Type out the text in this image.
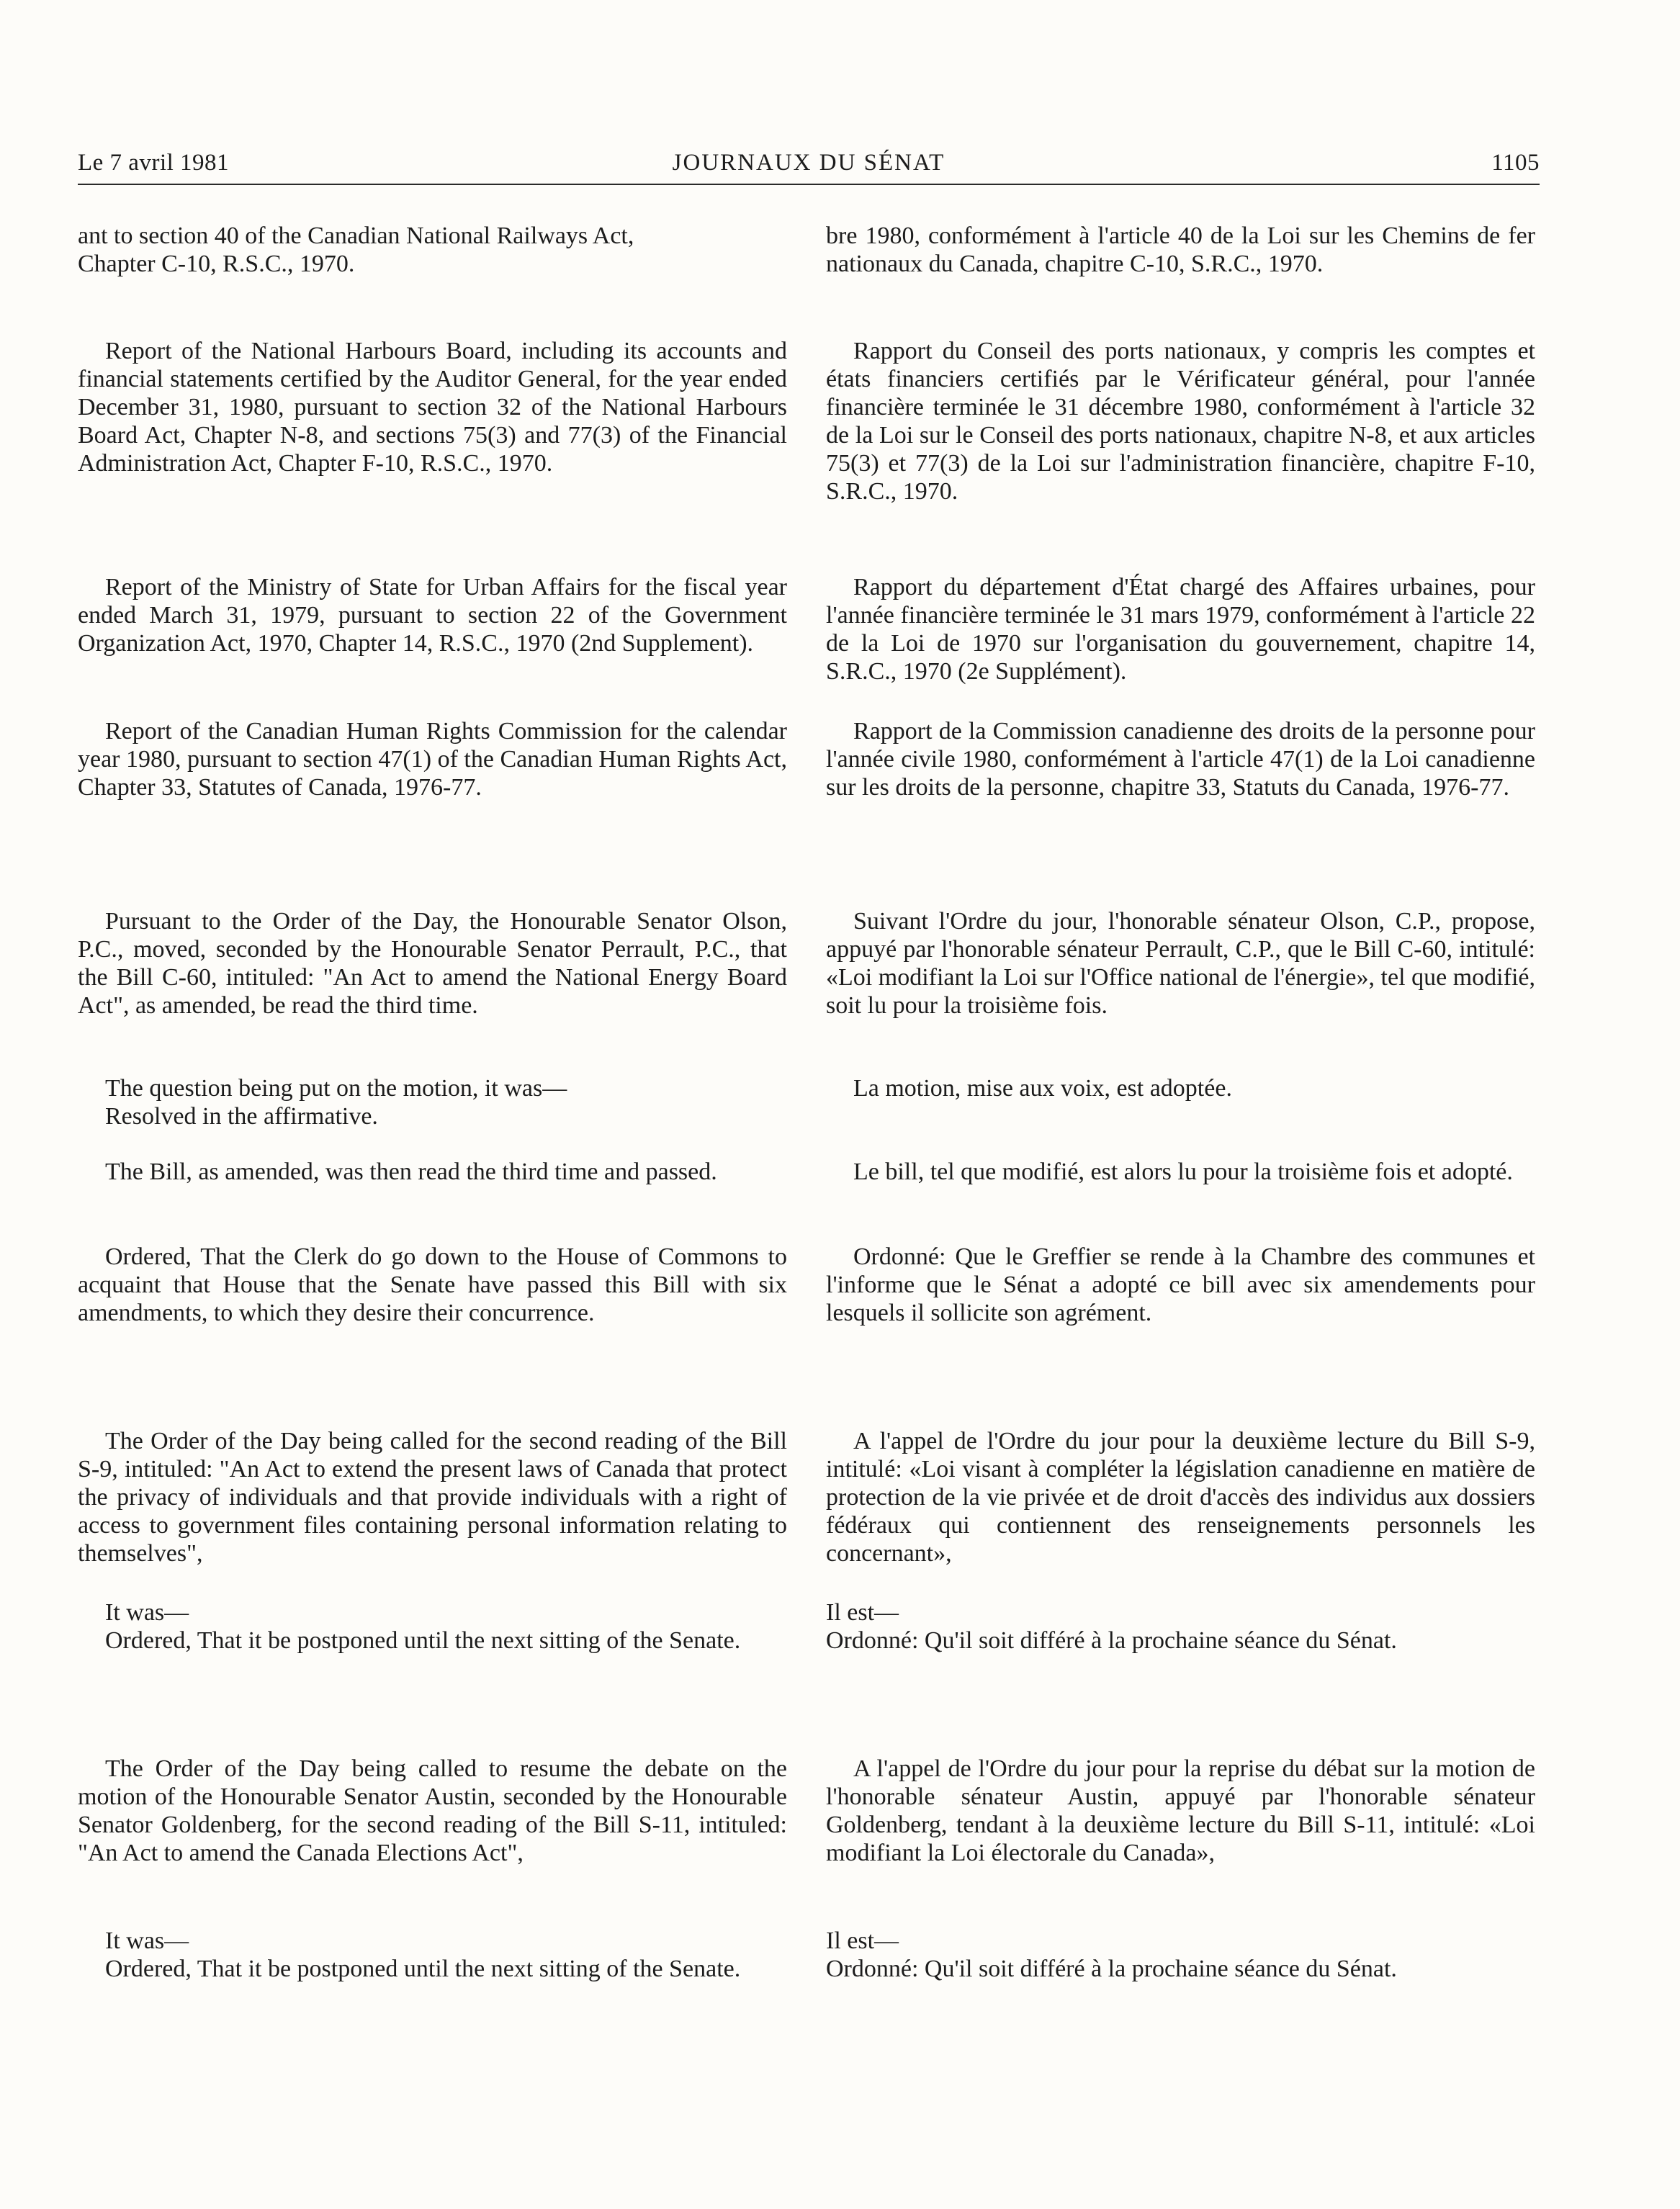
Le 7 avril 1981	JOURNAUX DU SÉNAT	1105
ant to section 40 of the Canadian National Railways Act,
Chapter C-10, R.S.C., 1970.
Report of the National Harbours Board, including its accounts and financial statements certified by the Auditor General, for the year ended December 31, 1980, pursuant to section 32 of the National Harbours Board Act, Chapter N-8, and sections 75(3) and 77(3) of the Financial Administration Act, Chapter F-10, R.S.C., 1970.
Report of the Ministry of State for Urban Affairs for the fiscal year ended March 31, 1979, pursuant to section 22 of the Government Organization Act, 1970, Chapter 14, R.S.C., 1970 (2nd Supplement).
Report of the Canadian Human Rights Commission for the calendar year 1980, pursuant to section 47(1) of the Canadian Human Rights Act, Chapter 33, Statutes of Canada, 1976-77.
Pursuant to the Order of the Day, the Honourable Senator Olson, P.C., moved, seconded by the Honourable Senator Perrault, P.C., that the Bill C-60, intituled: "An Act to amend the National Energy Board Act", as amended, be read the third time.
The question being put on the motion, it was—
Resolved in the affirmative.
The Bill, as amended, was then read the third time and passed.
Ordered, That the Clerk do go down to the House of Commons to acquaint that House that the Senate have passed this Bill with six amendments, to which they desire their concurrence.
The Order of the Day being called for the second reading of the Bill S-9, intituled: "An Act to extend the present laws of Canada that protect the privacy of individuals and that provide individuals with a right of access to government files containing personal information relating to themselves",
It was—
Ordered, That it be postponed until the next sitting of the Senate.
The Order of the Day being called to resume the debate on the motion of the Honourable Senator Austin, seconded by the Honourable Senator Goldenberg, for the second reading of the Bill S-11, intituled: "An Act to amend the Canada Elections Act",
It was—
Ordered, That it be postponed until the next sitting of the Senate.
bre 1980, conformément à l'article 40 de la Loi sur les Chemins de fer nationaux du Canada, chapitre C-10, S.R.C., 1970.
Rapport du Conseil des ports nationaux, y compris les comptes et états financiers certifiés par le Vérificateur général, pour l'année financière terminée le 31 décembre 1980, conformément à l'article 32 de la Loi sur le Conseil des ports nationaux, chapitre N-8, et aux articles 75(3) et 77(3) de la Loi sur l'administration financière, chapitre F-10, S.R.C., 1970.
Rapport du département d'État chargé des Affaires urbaines, pour l'année financière terminée le 31 mars 1979, conformément à l'article 22 de la Loi de 1970 sur l'organisation du gouvernement, chapitre 14, S.R.C., 1970 (2e Supplément).
Rapport de la Commission canadienne des droits de la personne pour l'année civile 1980, conformément à l'article 47(1) de la Loi canadienne sur les droits de la personne, chapitre 33, Statuts du Canada, 1976-77.
Suivant l'Ordre du jour, l'honorable sénateur Olson, C.P., propose, appuyé par l'honorable sénateur Perrault, C.P., que le Bill C-60, intitulé: «Loi modifiant la Loi sur l'Office national de l'énergie», tel que modifié, soit lu pour la troisième fois.
La motion, mise aux voix, est adoptée.
Le bill, tel que modifié, est alors lu pour la troisième fois et adopté.
Ordonné: Que le Greffier se rende à la Chambre des communes et l'informe que le Sénat a adopté ce bill avec six amendements pour lesquels il sollicite son agrément.
A l'appel de l'Ordre du jour pour la deuxième lecture du Bill S-9, intitulé: «Loi visant à compléter la législation canadienne en matière de protection de la vie privée et de droit d'accès des individus aux dossiers fédéraux qui contiennent des renseignements personnels les concernant»,
Il est—
Ordonné: Qu'il soit différé à la prochaine séance du Sénat.
A l'appel de l'Ordre du jour pour la reprise du débat sur la motion de l'honorable sénateur Austin, appuyé par l'honorable sénateur Goldenberg, tendant à la deuxième lecture du Bill S-11, intitulé: «Loi modifiant la Loi électorale du Canada»,
Il est—
Ordonné: Qu'il soit différé à la prochaine séance du Sénat.
